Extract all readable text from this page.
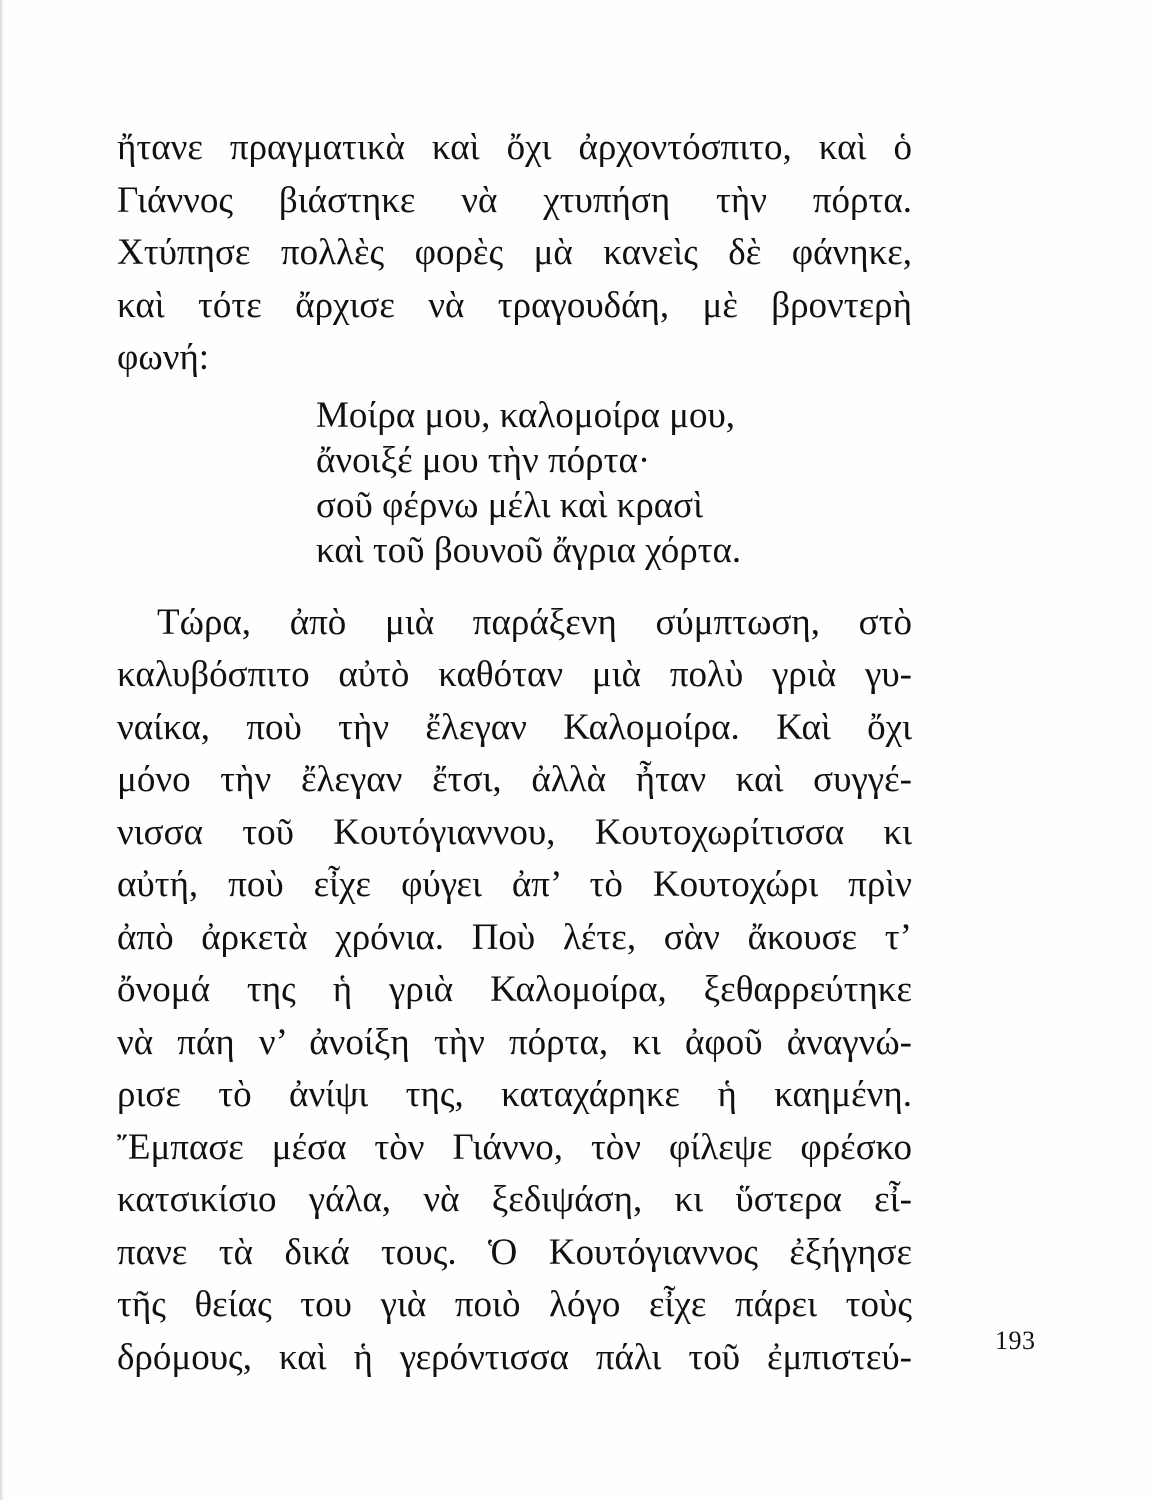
ἤτανε πραγματικὰ καὶ ὄχι ἀρχοντόσπιτο, καὶ ὁ
Γιάννος βιάστηκε νὰ χτυπήση τὴν πόρτα.
Χτύπησε πολλὲς φορὲς μὰ κανεὶς δὲ φάνηκε,
καὶ τότε ἄρχισε νὰ τραγουδάη, μὲ βροντερὴ
φωνή:
Μοίρα μου, καλομοίρα μου,
ἄνοιξέ μου τὴν πόρτα·
σοῦ φέρνω μέλι καὶ κρασὶ
καὶ τοῦ βουνοῦ ἄγρια χόρτα.
Τώρα, ἀπὸ μιὰ παράξενη σύμπτωση, στὸ
καλυβόσπιτο αὐτὸ καθόταν μιὰ πολὺ γριὰ γυ-
ναίκα, ποὺ τὴν ἔλεγαν Καλομοίρα. Καὶ ὄχι
μόνο τὴν ἔλεγαν ἔτσι, ἀλλὰ ἦταν καὶ συγγέ-
νισσα τοῦ Κουτόγιαννου, Κουτοχωρίτισσα κι
αὐτή, ποὺ εἶχε φύγει ἀπ’ τὸ Κουτοχώρι πρὶν
ἀπὸ ἀρκετὰ χρόνια. Ποὺ λέτε, σὰν ἄκουσε τ’
ὄνομά της ἡ γριὰ Καλομοίρα, ξεθαρρεύτηκε
νὰ πάη ν’ ἀνοίξη τὴν πόρτα, κι ἀφοῦ ἀναγνώ-
ρισε τὸ ἀνίψι της, καταχάρηκε ἡ καημένη.
Ἔμπασε μέσα τὸν Γιάννο, τὸν φίλεψε φρέσκο
κατσικίσιο γάλα, νὰ ξεδιψάση, κι ὕστερα εἶ-
πανε τὰ δικά τους. Ὁ Κουτόγιαννος ἐξήγησε
τῆς θείας του γιὰ ποιὸ λόγο εἶχε πάρει τοὺς
δρόμους, καὶ ἡ γερόντισσα πάλι τοῦ ἐμπιστεύ-	193
